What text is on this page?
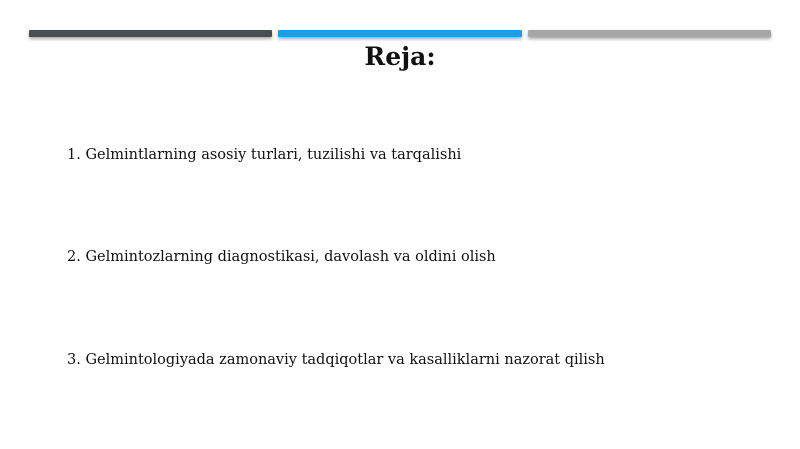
Reja:

1. Gelmintlarning asosiy turlari, tuzilishi va tarqalishi

2. Gelmintozlarning diagnostikasi, davolash va oldini olish

3. Gelmintologiyada zamonaviy tadqiqotlar va kasalliklarni nazorat qilish
